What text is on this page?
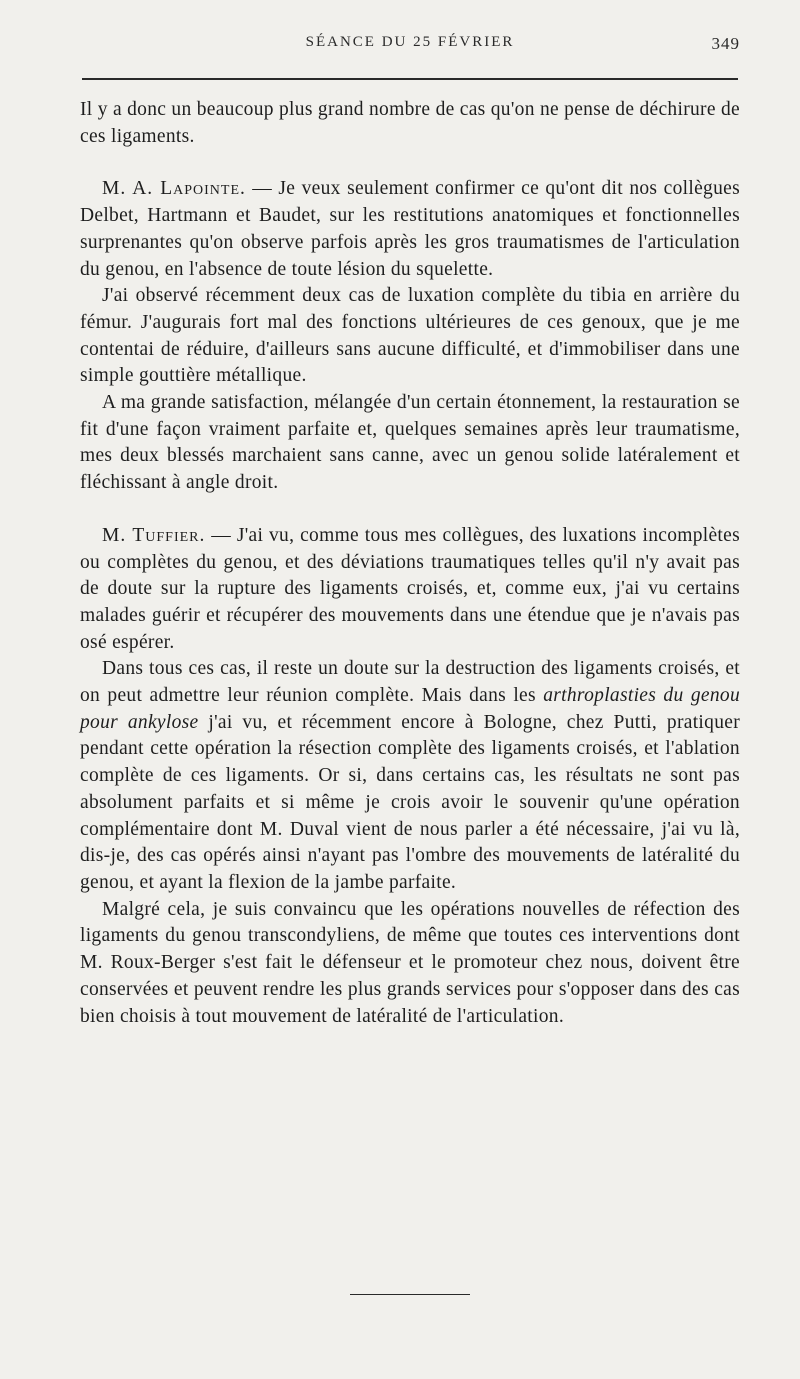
SÉANCE DU 25 FÉVRIER	349

Il y a donc un beaucoup plus grand nombre de cas qu'on ne pense de déchirure de ces ligaments.

M. A. Lapointe. — Je veux seulement confirmer ce qu'ont dit nos collègues Delbet, Hartmann et Baudet, sur les restitutions anatomiques et fonctionnelles surprenantes qu'on observe parfois après les gros traumatismes de l'articulation du genou, en l'absence de toute lésion du squelette.

J'ai observé récemment deux cas de luxation complète du tibia en arrière du fémur. J'augurais fort mal des fonctions ultérieures de ces genoux, que je me contentai de réduire, d'ailleurs sans aucune difficulté, et d'immobiliser dans une simple gouttière métallique.

A ma grande satisfaction, mélangée d'un certain étonnement, la restauration se fit d'une façon vraiment parfaite et, quelques semaines après leur traumatisme, mes deux blessés marchaient sans canne, avec un genou solide latéralement et fléchissant à angle droit.

M. Tuffier. — J'ai vu, comme tous mes collègues, des luxations incomplètes ou complètes du genou, et des déviations traumatiques telles qu'il n'y avait pas de doute sur la rupture des ligaments croisés, et, comme eux, j'ai vu certains malades guérir et récupérer des mouvements dans une étendue que je n'avais pas osé espérer.

Dans tous ces cas, il reste un doute sur la destruction des ligaments croisés, et on peut admettre leur réunion complète. Mais dans les arthroplasties du genou pour ankylose j'ai vu, et récemment encore à Bologne, chez Putti, pratiquer pendant cette opération la résection complète des ligaments croisés, et l'ablation complète de ces ligaments. Or si, dans certains cas, les résultats ne sont pas absolument parfaits et si même je crois avoir le souvenir qu'une opération complémentaire dont M. Duval vient de nous parler a été nécessaire, j'ai vu là, dis-je, des cas opérés ainsi n'ayant pas l'ombre des mouvements de latéralité du genou, et ayant la flexion de la jambe parfaite.

Malgré cela, je suis convaincu que les opérations nouvelles de réfection des ligaments du genou transcondyliens, de même que toutes ces interventions dont M. Roux-Berger s'est fait le défenseur et le promoteur chez nous, doivent être conservées et peuvent rendre les plus grands services pour s'opposer dans des cas bien choisis à tout mouvement de latéralité de l'articulation.
